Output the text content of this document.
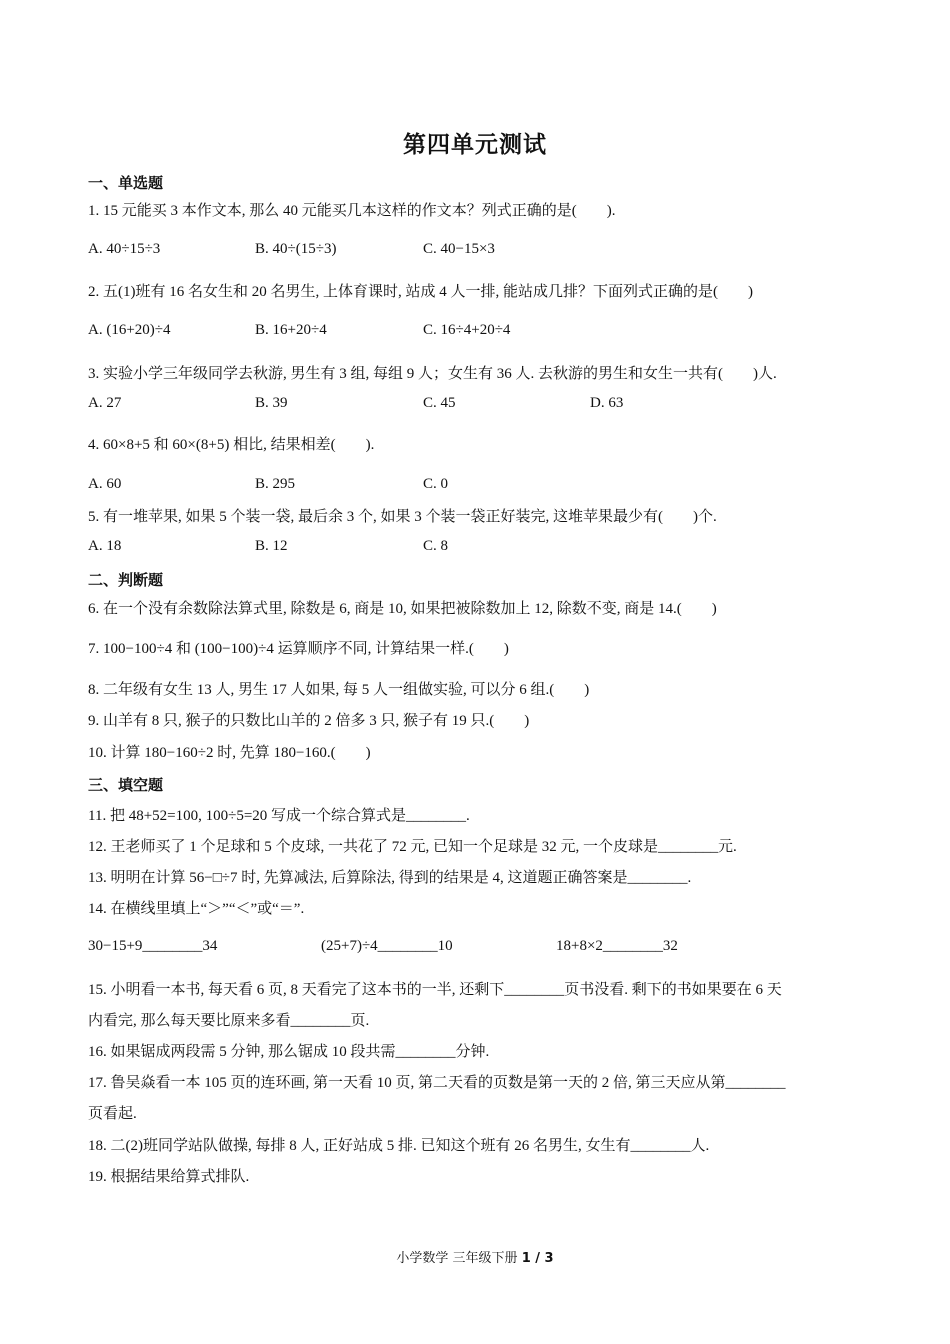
第四单元测试
一、单选题
1. 15 元能买 3 本作文本, 那么 40 元能买几本这样的作文本？列式正确的是(　　).
A. 40÷15÷3	B. 40÷(15÷3)	C. 40−15×3
2. 五(1)班有 16 名女生和 20 名男生, 上体育课时, 站成 4 人一排, 能站成几排？下面列式正确的是(　　)
A. (16+20)÷4	B. 16+20÷4	C. 16÷4+20÷4
3. 实验小学三年级同学去秋游, 男生有 3 组, 每组 9 人；女生有 36 人. 去秋游的男生和女生一共有(　　)人.
A. 27	B. 39	C. 45	D. 63
4. 60×8+5 和 60×(8+5) 相比, 结果相差(　　).
A. 60	B. 295	C. 0
5. 有一堆苹果, 如果 5 个装一袋, 最后余 3 个, 如果 3 个装一袋正好装完, 这堆苹果最少有(　　)个.
A. 18	B. 12	C. 8
二、判断题
6. 在一个没有余数除法算式里, 除数是 6, 商是 10, 如果把被除数加上 12, 除数不变, 商是 14.(　　)
7. 100−100÷4 和 (100−100)÷4 运算顺序不同, 计算结果一样.(　　)
8. 二年级有女生 13 人, 男生 17 人如果, 每 5 人一组做实验, 可以分 6 组.(　　)
9. 山羊有 8 只, 猴子的只数比山羊的 2 倍多 3 只, 猴子有 19 只.(　　)
10. 计算 180−160÷2 时, 先算 180−160.(　　)
三、填空题
11. 把 48+52=100, 100÷5=20 写成一个综合算式是________.
12. 王老师买了 1 个足球和 5 个皮球, 一共花了 72 元, 已知一个足球是 32 元, 一个皮球是________元.
13. 明明在计算 56−□÷7 时, 先算减法, 后算除法, 得到的结果是 4, 这道题正确答案是________.
14. 在横线里填上“＞”“＜”或“＝”.
30−15+9________34	(25+7)÷4________10	18+8×2________32
15. 小明看一本书, 每天看 6 页, 8 天看完了这本书的一半, 还剩下________页书没看. 剩下的书如果要在 6 天
内看完, 那么每天要比原来多看________页.
16. 如果锯成两段需 5 分钟, 那么锯成 10 段共需________分钟.
17. 鲁吴焱看一本 105 页的连环画, 第一天看 10 页, 第二天看的页数是第一天的 2 倍, 第三天应从第________
页看起.
18. 二(2)班同学站队做操, 每排 8 人, 正好站成 5 排. 已知这个班有 26 名男生, 女生有________人.
19. 根据结果给算式排队.
小学数学 三年级下册 1 / 3
